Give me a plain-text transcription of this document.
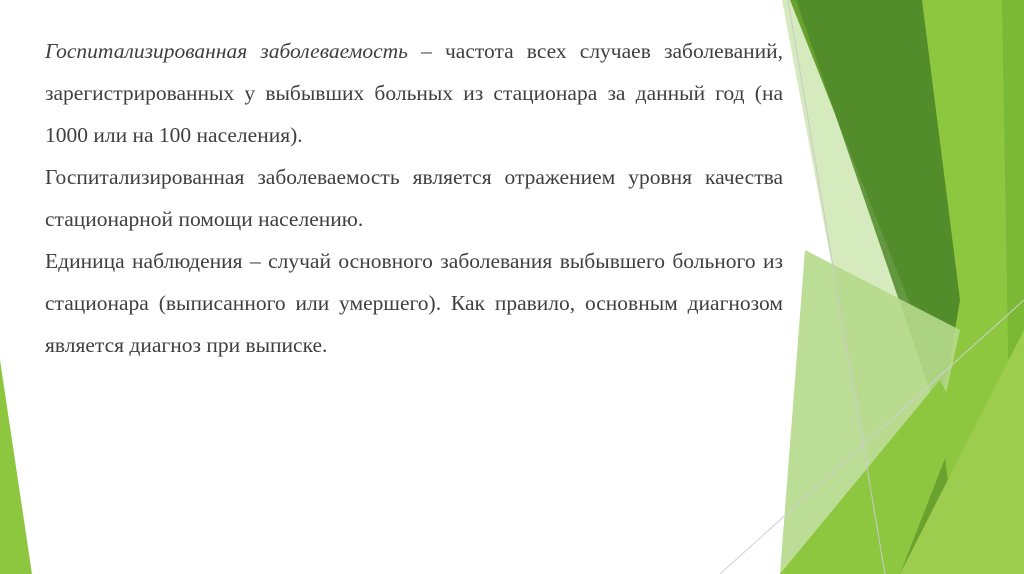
Госпитализированная заболеваемость – частота всех случаев заболеваний, зарегистрированных у выбывших больных из стационара за данный год (на 1000 или на 100 населения).

Госпитализированная заболеваемость является отражением уровня качества стационарной помощи населению.

Единица наблюдения – случай основного заболевания выбывшего больного из стационара (выписанного или умершего). Как правило, основным диагнозом является диагноз при выписке.
